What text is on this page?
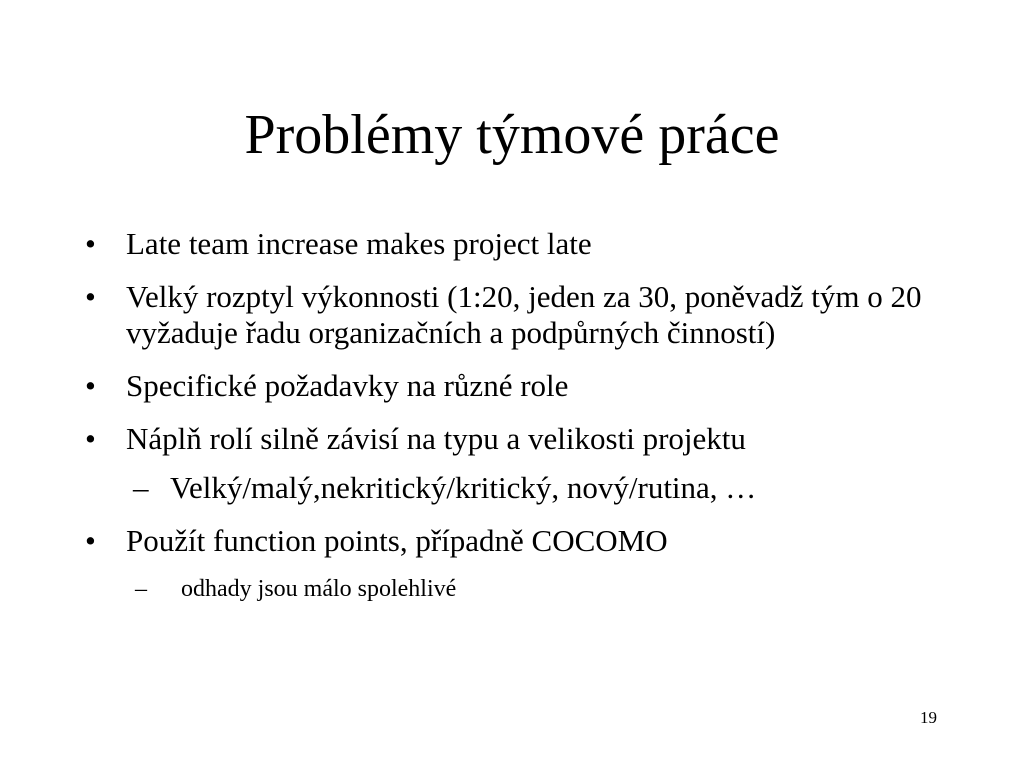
Problémy týmové práce
• Late team increase makes project late
• Velký rozptyl výkonnosti (1:20, jeden za 30, poněvadž tým o 20 vyžaduje řadu organizačních a podpůrných činností)
• Specifické požadavky na různé role
• Náplň rolí silně závisí na typu a velikosti projektu
– Velký/malý,nekritický/kritický, nový/rutina, …
• Použít function points, případně COCOMO
– odhady jsou málo spolehlivé
19
